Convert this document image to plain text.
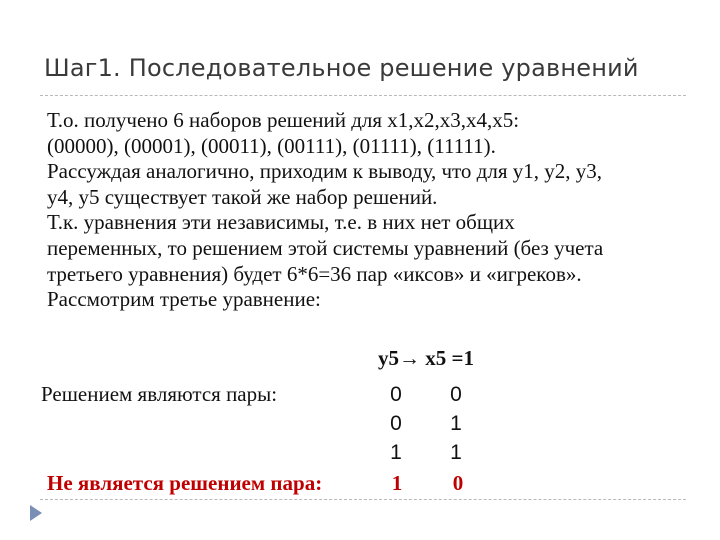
Шаг1. Последовательное решение уравнений
Т.о. получено 6 наборов решений для x1,x2,x3,x4,x5:
(00000), (00001), (00011), (00111), (01111), (11111).
Рассуждая аналогично, приходим к выводу, что для y1, y2, y3,
y4, y5 существует такой же набор решений.
Т.к. уравнения эти независимы, т.е. в них нет общих
переменных, то решением этой системы уравнений (без учета
третьего уравнения) будет 6*6=36 пар «иксов» и «игреков».
Рассмотрим третье уравнение:
y5→ x5 =1
Решением являются пары:	0 0
0 1
1 1
Не является решением пара:	1 0
